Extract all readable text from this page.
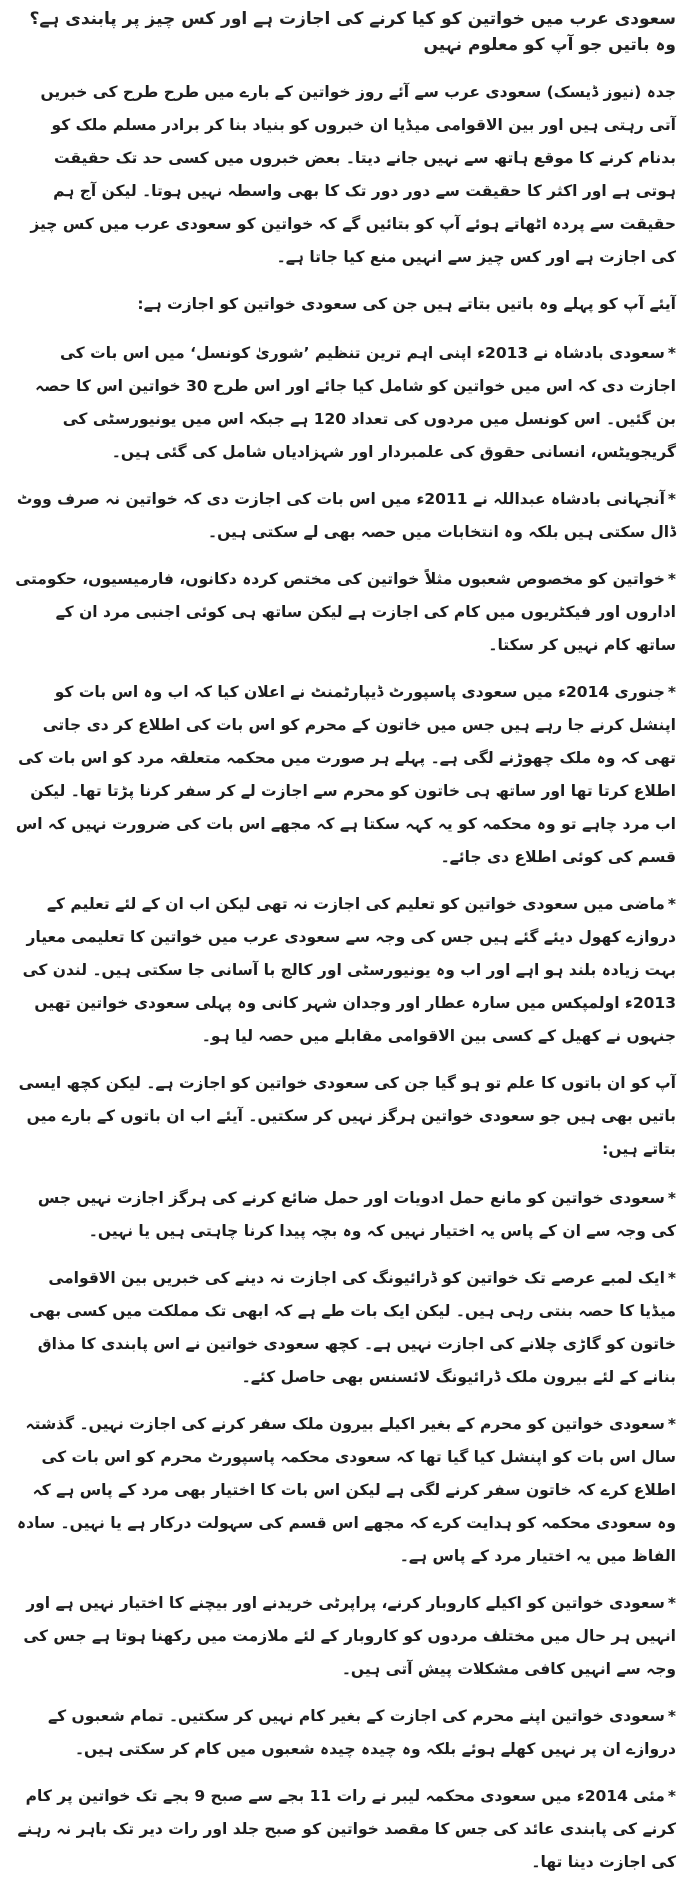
سعودی عرب میں خواتین کو کیا کرنے کی اجازت ہے اور کس چیز پر پابندی ہے؟ وہ باتیں جو آپ کو معلوم نہیں

جدہ (نیوز ڈیسک) سعودی عرب سے آئے روز خواتین کے بارے میں طرح طرح کی خبریں آتی رہتی ہیں اور بین الاقوامی میڈیا ان خبروں کو بنیاد بنا کر برادر مسلم ملک کو بدنام کرنے کا موقع ہاتھ سے نہیں جانے دیتا۔ بعض خبروں میں کسی حد تک حقیقت ہوتی ہے اور اکثر کا حقیقت سے دور دور تک کا بھی واسطہ نہیں ہوتا۔ لیکن آج ہم حقیقت سے پردہ اٹھاتے ہوئے آپ کو بتائیں گے کہ خواتین کو سعودی عرب میں کس چیز کی اجازت ہے اور کس چیز سے انہیں منع کیا جاتا ہے۔

آیئے آپ کو پہلے وہ باتیں بتاتے ہیں جن کی سعودی خواتین کو اجازت ہے:

*سعودی بادشاہ نے 2013ء اپنی اہم ترین تنظیم ’شوریٰ کونسل‘ میں اس بات کی اجازت دی کہ اس میں خواتین کو شامل کیا جائے اور اس طرح 30 خواتین اس کا حصہ بن گئیں۔ اس کونسل میں مردوں کی تعداد 120 ہے جبکہ اس میں یونیورسٹی کی گریجویٹس، انسانی حقوق کی علمبردار اور شہزادیاں شامل کی گئی ہیں۔

*آنجہانی بادشاہ عبداللہ نے 2011ء میں اس بات کی اجازت دی کہ خواتین نہ صرف ووٹ ڈال سکتی ہیں بلکہ وہ انتخابات میں حصہ بھی لے سکتی ہیں۔

*خواتین کو مخصوص شعبوں مثلاً خواتین کی مختص کردہ دکانوں، فارمیسیوں، حکومتی اداروں اور فیکٹریوں میں کام کی اجازت ہے لیکن ساتھ ہی کوئی اجنبی مرد ان کے ساتھ کام نہیں کر سکتا۔

*جنوری 2014ء میں سعودی پاسپورٹ ڈیپارٹمنٹ نے اعلان کیا کہ اب وہ اس بات کو اپنشل کرنے جا رہے ہیں جس میں خاتون کے محرم کو اس بات کی اطلاع کر دی جاتی تھی کہ وہ ملک چھوڑنے لگی ہے۔ پہلے ہر صورت میں محکمہ متعلقہ مرد کو اس بات کی اطلاع کرتا تھا اور ساتھ ہی خاتون کو محرم سے اجازت لے کر سفر کرنا پڑتا تھا۔ لیکن اب مرد چاہے تو وہ محکمہ کو یہ کہہ سکتا ہے کہ مجھے اس بات کی ضرورت نہیں کہ اس قسم کی کوئی اطلاع دی جائے۔

*ماضی میں سعودی خواتین کو تعلیم کی اجازت نہ تھی لیکن اب ان کے لئے تعلیم کے دروازے کھول دیئے گئے ہیں جس کی وجہ سے سعودی عرب میں خواتین کا تعلیمی معیار بہت زیادہ بلند ہو اہے اور اب وہ یونیورسٹی اور کالج با آسانی جا سکتی ہیں۔ لندن کی 2013ء اولمپکس میں سارہ عطار اور وجدان شہر کانی وہ پہلی سعودی خواتین تھیں جنہوں نے کھیل کے کسی بین الاقوامی مقابلے میں حصہ لیا ہو۔

آپ کو ان باتوں کا علم تو ہو گیا جن کی سعودی خواتین کو اجازت ہے۔ لیکن کچھ ایسی باتیں بھی ہیں جو سعودی خواتین ہرگز نہیں کر سکتیں۔ آیئے اب ان باتوں کے بارے میں بتاتے ہیں:

*سعودی خواتین کو مانع حمل ادویات اور حمل ضائع کرنے کی ہرگز اجازت نہیں جس کی وجہ سے ان کے پاس یہ اختیار نہیں کہ وہ بچہ پیدا کرنا چاہتی ہیں یا نہیں۔

*ایک لمبے عرصے تک خواتین کو ڈرائیونگ کی اجازت نہ دینے کی خبریں بین الاقوامی میڈیا کا حصہ بنتی رہی ہیں۔ لیکن ایک بات طے ہے کہ ابھی تک مملکت میں کسی بھی خاتون کو گاڑی چلانے کی اجازت نہیں ہے۔ کچھ سعودی خواتین نے اس پابندی کا مذاق بنانے کے لئے بیرون ملک ڈرائیونگ لائسنس بھی حاصل کئے۔

*سعودی خواتین کو محرم کے بغیر اکیلے بیرون ملک سفر کرنے کی اجازت نہیں۔ گذشتہ سال اس بات کو اپنشل کیا گیا تھا کہ سعودی محکمہ پاسپورٹ محرم کو اس بات کی اطلاع کرے کہ خاتون سفر کرنے لگی ہے لیکن اس بات کا اختیار بھی مرد کے پاس ہے کہ وہ سعودی محکمہ کو ہدایت کرے کہ مجھے اس قسم کی سہولت درکار ہے یا نہیں۔ سادہ الفاظ میں یہ اختیار مرد کے پاس ہے۔

*سعودی خواتین کو اکیلے کاروبار کرنے، پراپرٹی خریدنے اور بیچنے کا اختیار نہیں ہے اور انہیں ہر حال میں مختلف مردوں کو کاروبار کے لئے ملازمت میں رکھنا ہوتا ہے جس کی وجہ سے انہیں کافی مشکلات پیش آتی ہیں۔

*سعودی خواتین اپنے محرم کی اجازت کے بغیر کام نہیں کر سکتیں۔ تمام شعبوں کے دروازے ان پر نہیں کھلے ہوئے بلکہ وہ چیدہ چیدہ شعبوں میں کام کر سکتی ہیں۔

*مئی 2014ء میں سعودی محکمہ لیبر نے رات 11 بجے سے صبح 9 بجے تک خواتین پر کام کرنے کی پابندی عائد کی جس کا مقصد خواتین کو صبح جلد اور رات دیر تک باہر نہ رہنے کی اجازت دینا تھا۔
